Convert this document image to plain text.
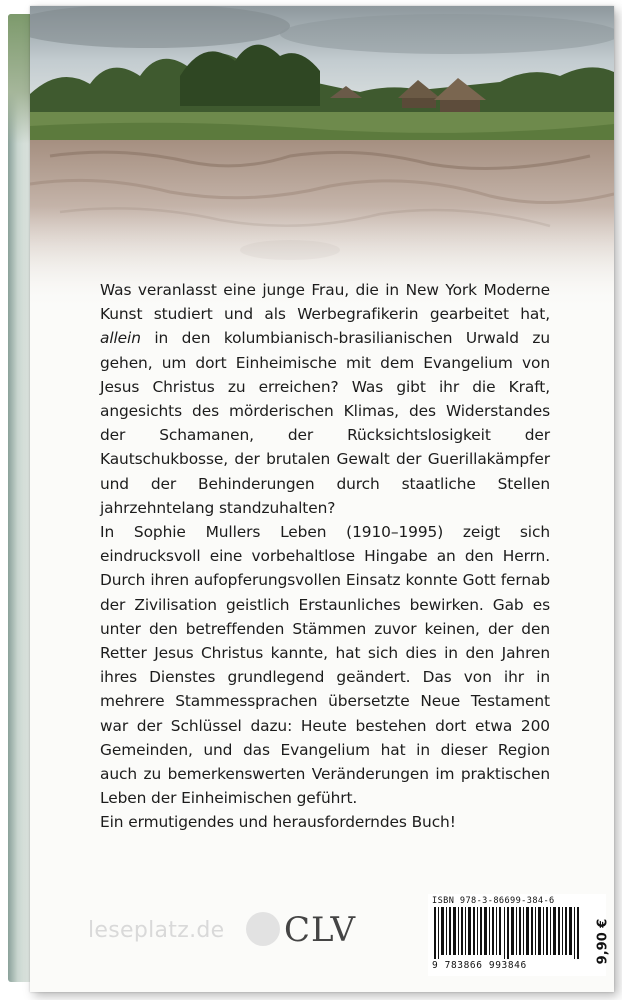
Was veranlasst eine junge Frau, die in New York Moderne Kunst studiert und als Werbegrafikerin gearbeitet hat, allein in den kolumbianisch-brasilianischen Urwald zu gehen, um dort Einheimische mit dem Evangelium von Jesus Christus zu erreichen? Was gibt ihr die Kraft, angesichts des mörderischen Klimas, des Widerstandes der Schamanen, der Rücksichtslosigkeit der Kautschukbosse, der brutalen Gewalt der Guerillakämpfer und der Behinderungen durch staatliche Stellen jahrzehntelang standzuhalten?

In Sophie Mullers Leben (1910–1995) zeigt sich eindrucksvoll eine vorbehaltlose Hingabe an den Herrn. Durch ihren aufopferungsvollen Einsatz konnte Gott fernab der Zivilisation geistlich Erstaunliches bewirken. Gab es unter den betreffenden Stämmen zuvor keinen, der den Retter Jesus Christus kannte, hat sich dies in den Jahren ihres Dienstes grundlegend geändert. Das von ihr in mehrere Stammessprachen übersetzte Neue Testament war der Schlüssel dazu: Heute bestehen dort etwa 200 Gemeinden, und das Evangelium hat in dieser Region auch zu bemerkenswerten Veränderungen im praktischen Leben der Einheimischen geführt.

Ein ermutigendes und herausforderndes Buch!

leseplatz.de CLV
ISBN 978-3-86699-384-6
9 783866 993846
9,90 €
